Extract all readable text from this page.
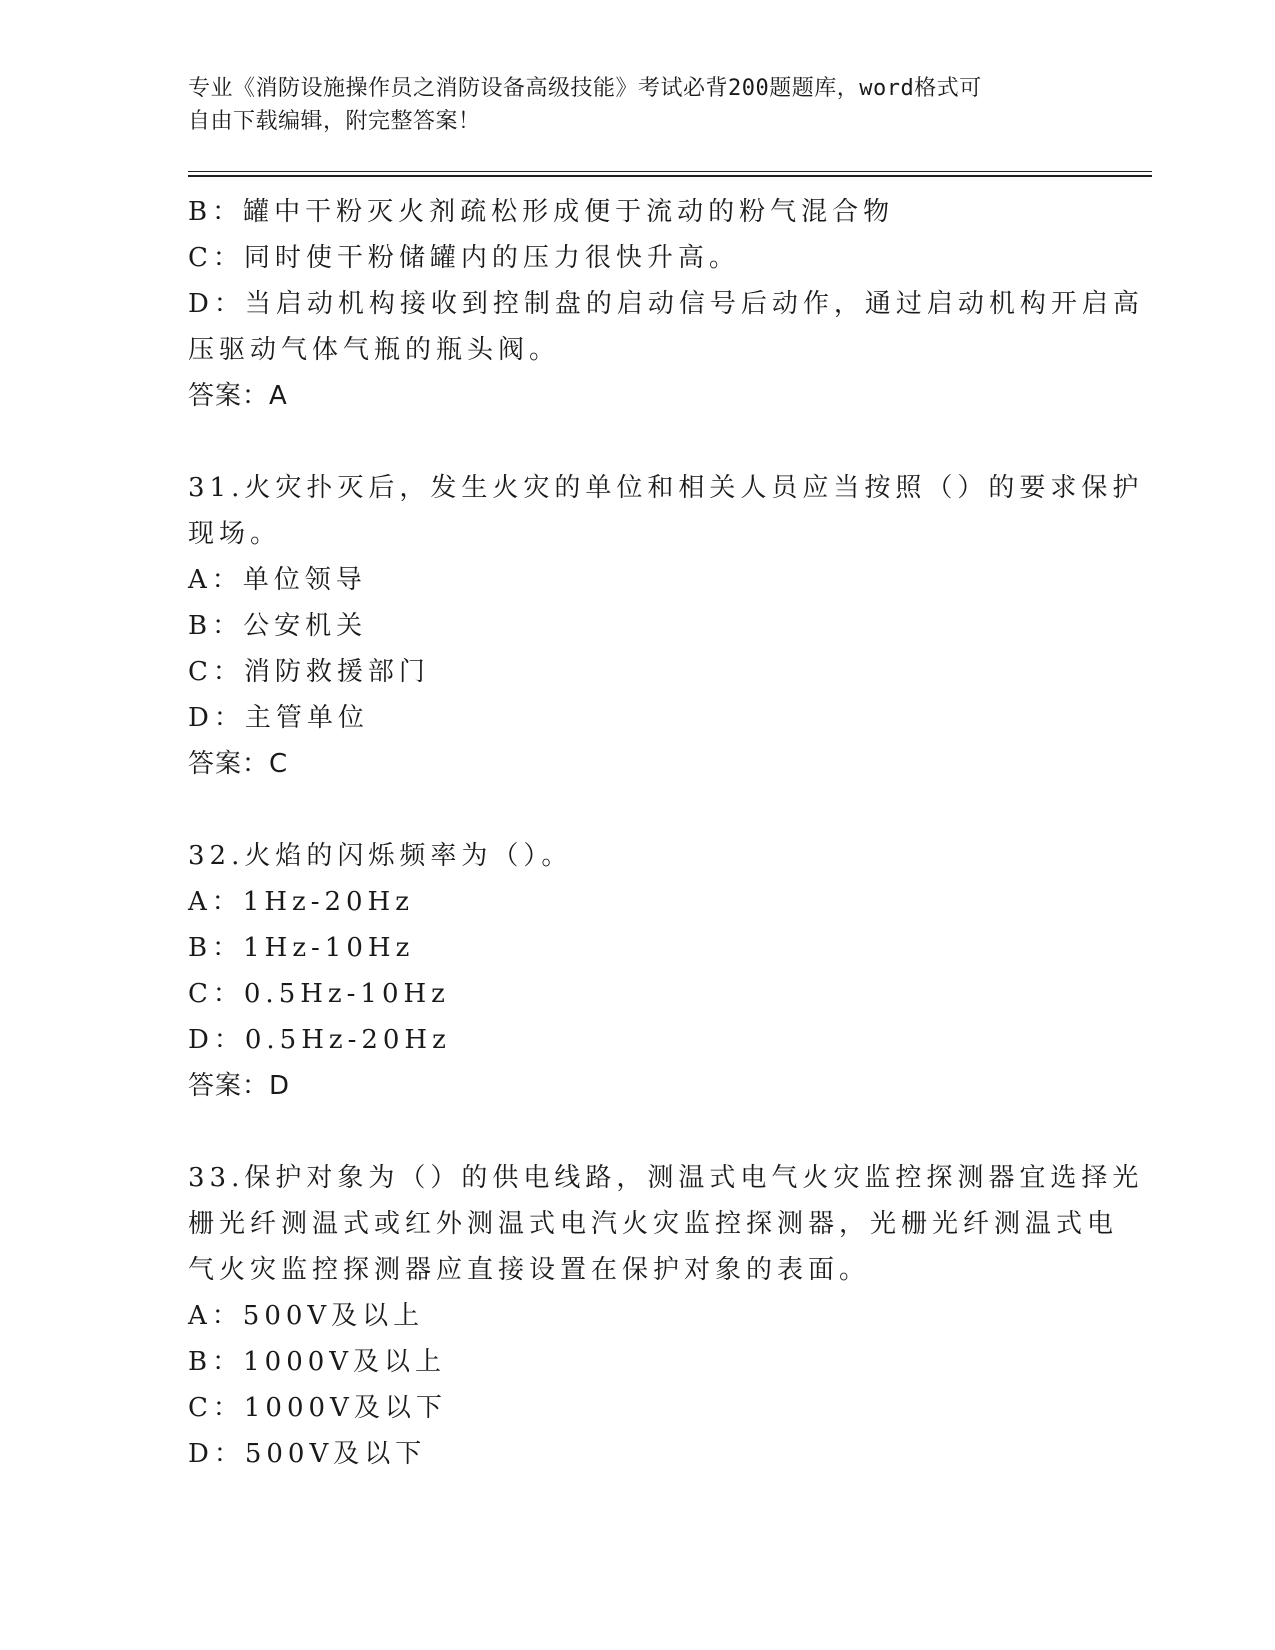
专业《消防设施操作员之消防设备高级技能》考试必背200题题库，word格式可
自由下载编辑，附完整答案！
B：罐中干粉灭火剂疏松形成便于流动的粉气混合物
C：同时使干粉储罐内的压力很快升高。
D：当启动机构接收到控制盘的启动信号后动作，通过启动机构开启高
压驱动气体气瓶的瓶头阀。
答案：A
31.火灾扑灭后，发生火灾的单位和相关人员应当按照（）的要求保护
现场。
A：单位领导
B：公安机关
C：消防救援部门
D：主管单位
答案：C
32.火焰的闪烁频率为（）。
A：1Hz-20Hz
B：1Hz-10Hz
C：0.5Hz-10Hz
D：0.5Hz-20Hz
答案：D
33.保护对象为（）的供电线路，测温式电气火灾监控探测器宜选择光
栅光纤测温式或红外测温式电汽火灾监控探测器，光栅光纤测温式电
气火灾监控探测器应直接设置在保护对象的表面。
A：500V及以上
B：1000V及以上
C：1000V及以下
D：500V及以下
